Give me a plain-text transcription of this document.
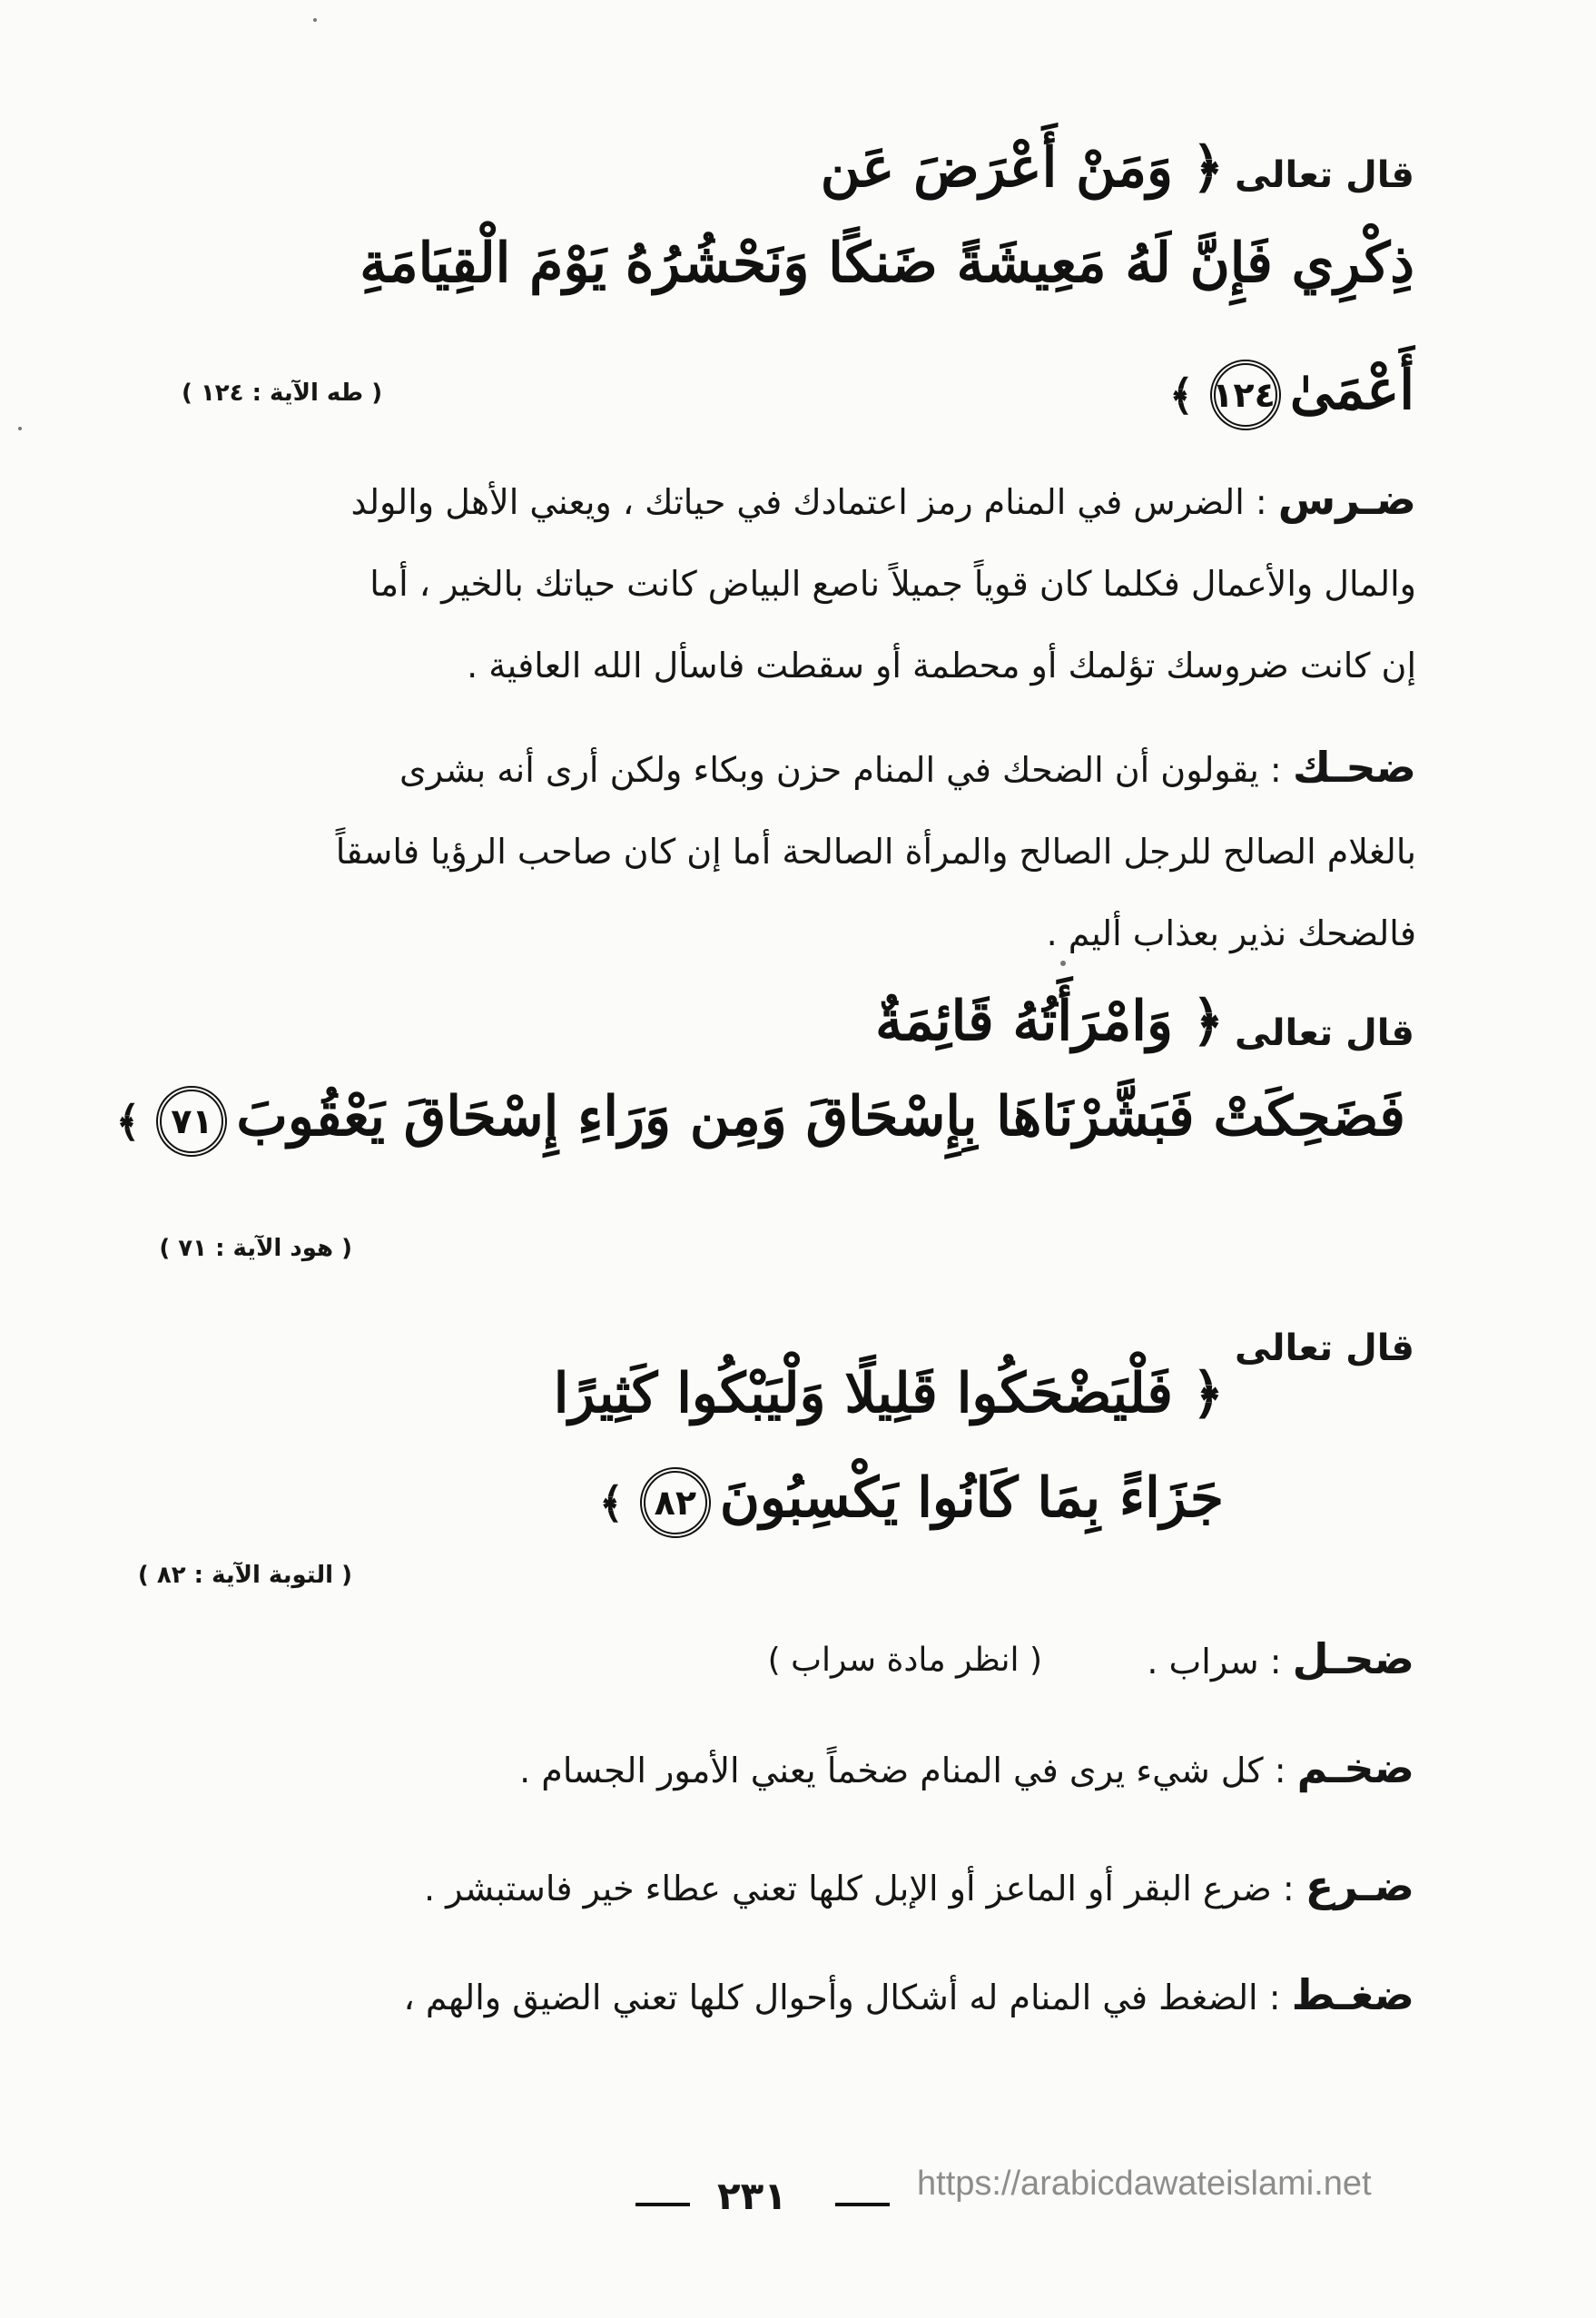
قال تعالى
﴿ وَمَنْ أَعْرَضَ عَن
ذِكْرِي فَإِنَّ لَهُ مَعِيشَةً ضَنكًا وَنَحْشُرُهُ يَوْمَ الْقِيَامَةِ
أَعْمَىٰ١٢٤﴾
( طه الآية : ١٢٤ )
ضـرس : الضرس في المنام رمز اعتمادك في حياتك ، ويعني الأهل والولد
والمال والأعمال فكلما كان قوياً جميلاً ناصع البياض كانت حياتك بالخير ، أما
إن كانت ضروسك تؤلمك أو محطمة أو سقطت فاسأل الله العافية .
ضحـك : يقولون أن الضحك في المنام حزن وبكاء ولكن أرى أنه بشرى
بالغلام الصالح للرجل الصالح والمرأة الصالحة أما إن كان صاحب الرؤيا فاسقاً
فالضحك نذير بعذاب أليم .
قال تعالى
﴿ وَامْرَأَتُهُ قَائِمَةٌ
فَضَحِكَتْ فَبَشَّرْنَاهَا بِإِسْحَاقَ وَمِن وَرَاءِ إِسْحَاقَ يَعْقُوبَ٧١﴾
( هود الآية : ٧١ )
قال تعالى
﴿ فَلْيَضْحَكُوا قَلِيلًا وَلْيَبْكُوا كَثِيرًا
جَزَاءً بِمَا كَانُوا يَكْسِبُونَ٨٢﴾
( التوبة الآية : ٨٢ )
ضحـل : سراب .
( انظر مادة سراب )
ضخـم : كل شيء يرى في المنام ضخماً يعني الأمور الجسام .
ضـرع : ضرع البقر أو الماعز أو الإبل كلها تعني عطاء خير فاستبشر .
ضغـط : الضغط في المنام له أشكال وأحوال كلها تعني الضيق والهم ،
٢٣١	https://arabicdawateislami.net
